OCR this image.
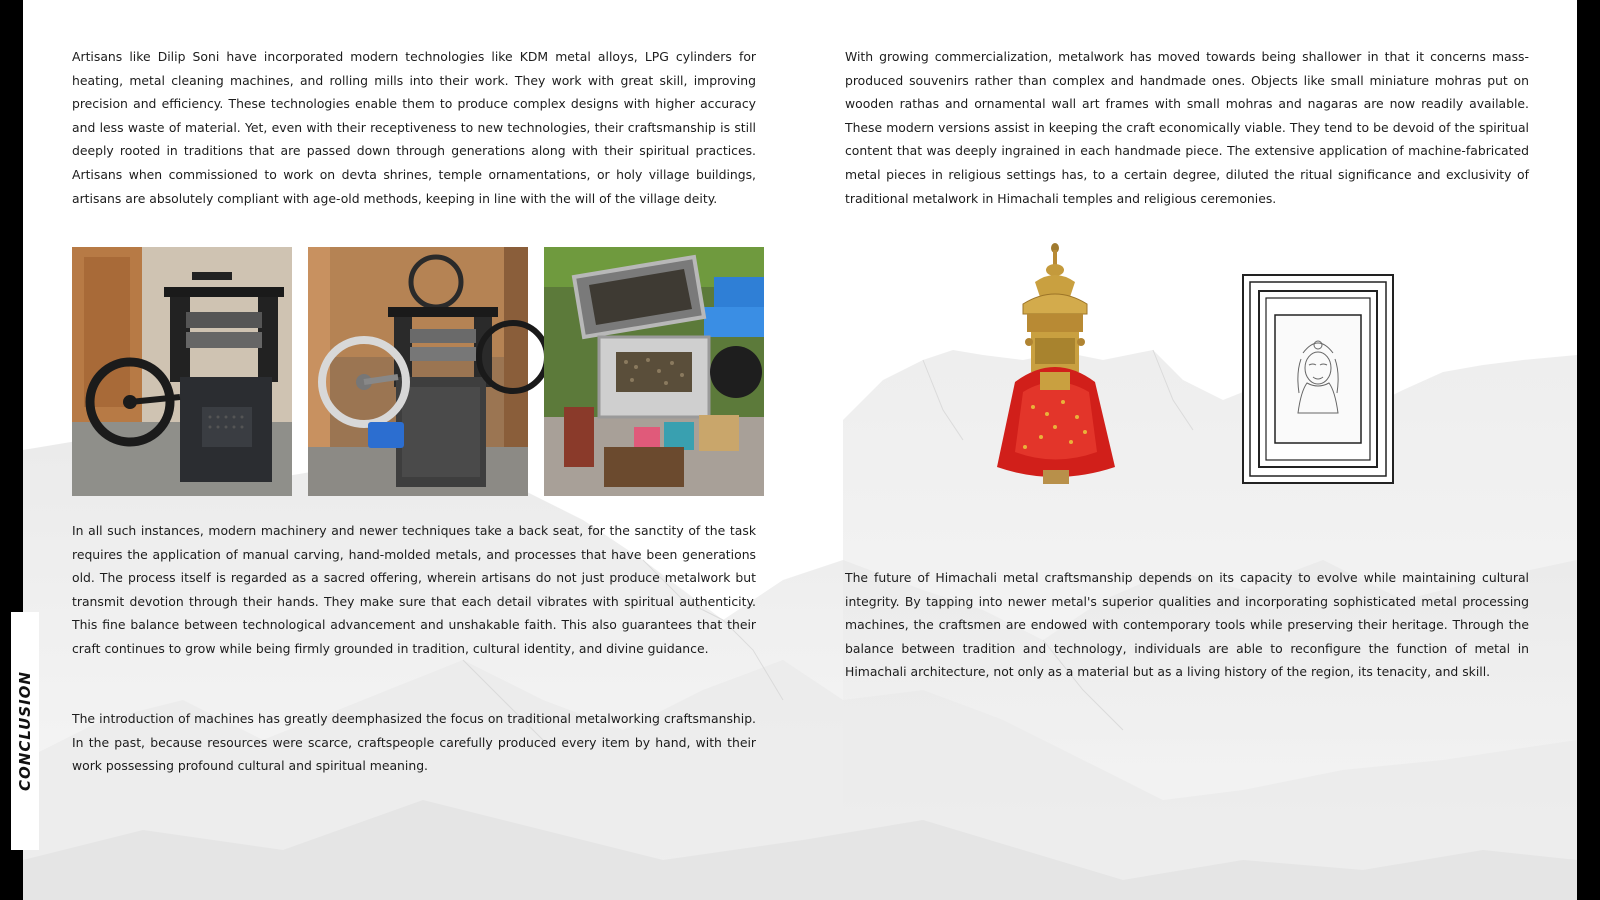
CONCLUSION

Artisans like Dilip Soni have incorporated modern technologies like KDM metal alloys, LPG cylinders for heating, metal cleaning machines, and rolling mills into their work. They work with great skill, improving precision and efficiency. These technologies enable them to produce complex designs with higher accuracy and less waste of material. Yet, even with their receptiveness to new technologies, their craftsmanship is still deeply rooted in traditions that are passed down through generations along with their spiritual practices. Artisans when commissioned to work on devta shrines, temple ornamentations, or holy village buildings, artisans are absolutely compliant with age-old methods, keeping in line with the will of the village deity.

In all such instances, modern machinery and newer techniques take a back seat, for the sanctity of the task requires the application of manual carving, hand-molded metals, and processes that have been generations old. The process itself is regarded as a sacred offering, wherein artisans do not just produce metalwork but transmit devotion through their hands. They make sure that each detail vibrates with spiritual authenticity. This fine balance between technological advancement and unshakable faith. This also guarantees that their craft continues to grow while being firmly grounded in tradition, cultural identity, and divine guidance.

The introduction of machines has greatly deemphasized the focus on traditional metalworking craftsmanship. In the past, because resources were scarce, craftspeople carefully produced every item by hand, with their work possessing profound cultural and spiritual meaning.

With growing commercialization, metalwork has moved towards being shallower in that it concerns mass-produced souvenirs rather than complex and handmade ones. Objects like small miniature mohras put on wooden rathas and ornamental wall art frames with small mohras and nagaras are now readily available. These modern versions assist in keeping the craft economically viable. They tend to be devoid of the spiritual content that was deeply ingrained in each handmade piece. The extensive application of machine-fabricated metal pieces in religious settings has, to a certain degree, diluted the ritual significance and exclusivity of traditional metalwork in Himachali temples and religious ceremonies.

The future of Himachali metal craftsmanship depends on its capacity to evolve while maintaining cultural integrity. By tapping into newer metal's superior qualities and incorporating sophisticated metal processing machines, the craftsmen are endowed with contemporary tools while preserving their heritage. Through the balance between tradition and technology, individuals are able to reconfigure the function of metal in Himachali architecture, not only as a material but as a living history of the region, its tenacity, and skill.
